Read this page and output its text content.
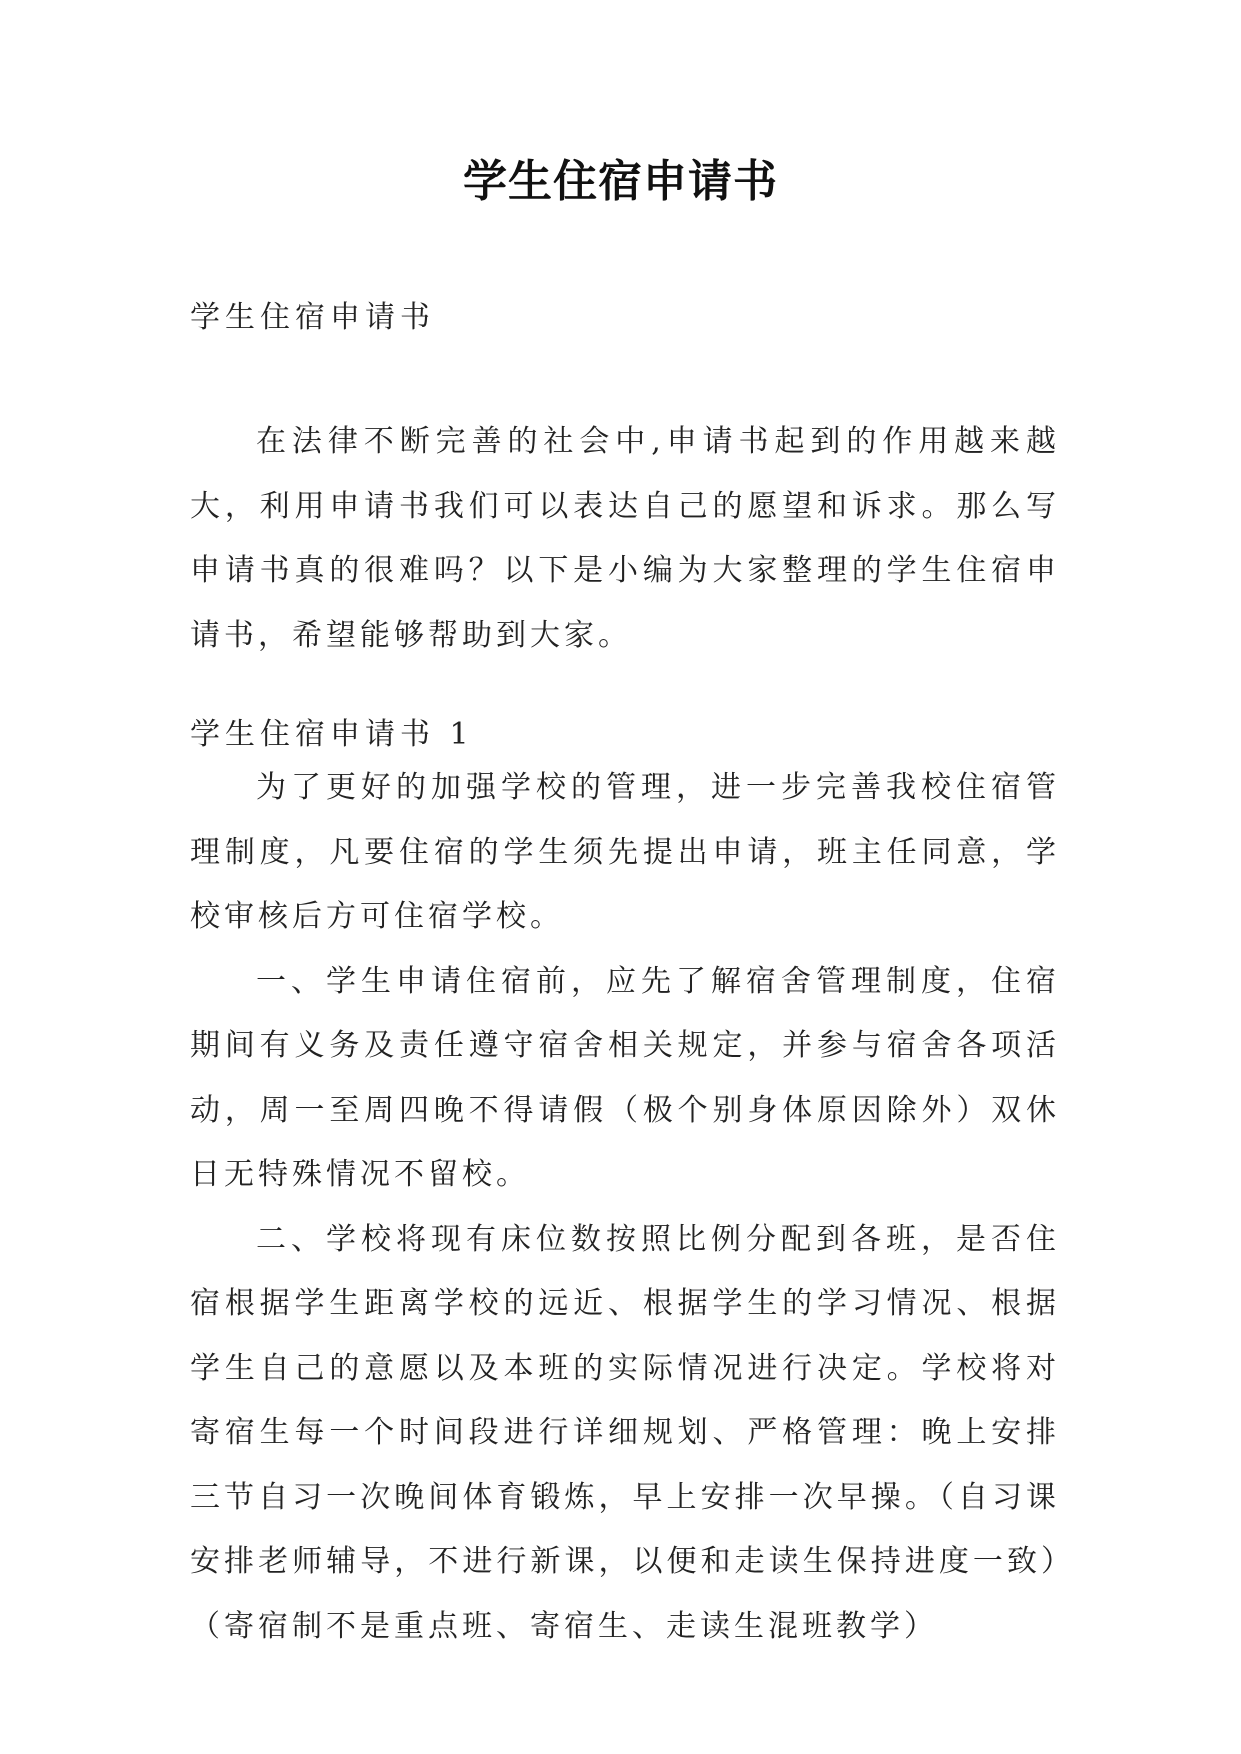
学生住宿申请书

学生住宿申请书

在法律不断完善的社会中,申请书起到的作用越来越大，利用申请书我们可以表达自己的愿望和诉求。那么写申请书真的很难吗？以下是小编为大家整理的学生住宿申请书，希望能够帮助到大家。

学生住宿申请书 1

为了更好的加强学校的管理，进一步完善我校住宿管理制度，凡要住宿的学生须先提出申请，班主任同意，学校审核后方可住宿学校。

一、学生申请住宿前，应先了解宿舍管理制度，住宿期间有义务及责任遵守宿舍相关规定，并参与宿舍各项活动，周一至周四晚不得请假（极个别身体原因除外）双休日无特殊情况不留校。

二、学校将现有床位数按照比例分配到各班，是否住宿根据学生距离学校的远近、根据学生的学习情况、根据学生自己的意愿以及本班的实际情况进行决定。学校将对寄宿生每一个时间段进行详细规划、严格管理：晚上安排三节自习一次晚间体育锻炼，早上安排一次早操。（自习课安排老师辅导，不进行新课，以便和走读生保持进度一致）（寄宿制不是重点班、寄宿生、走读生混班教学）
